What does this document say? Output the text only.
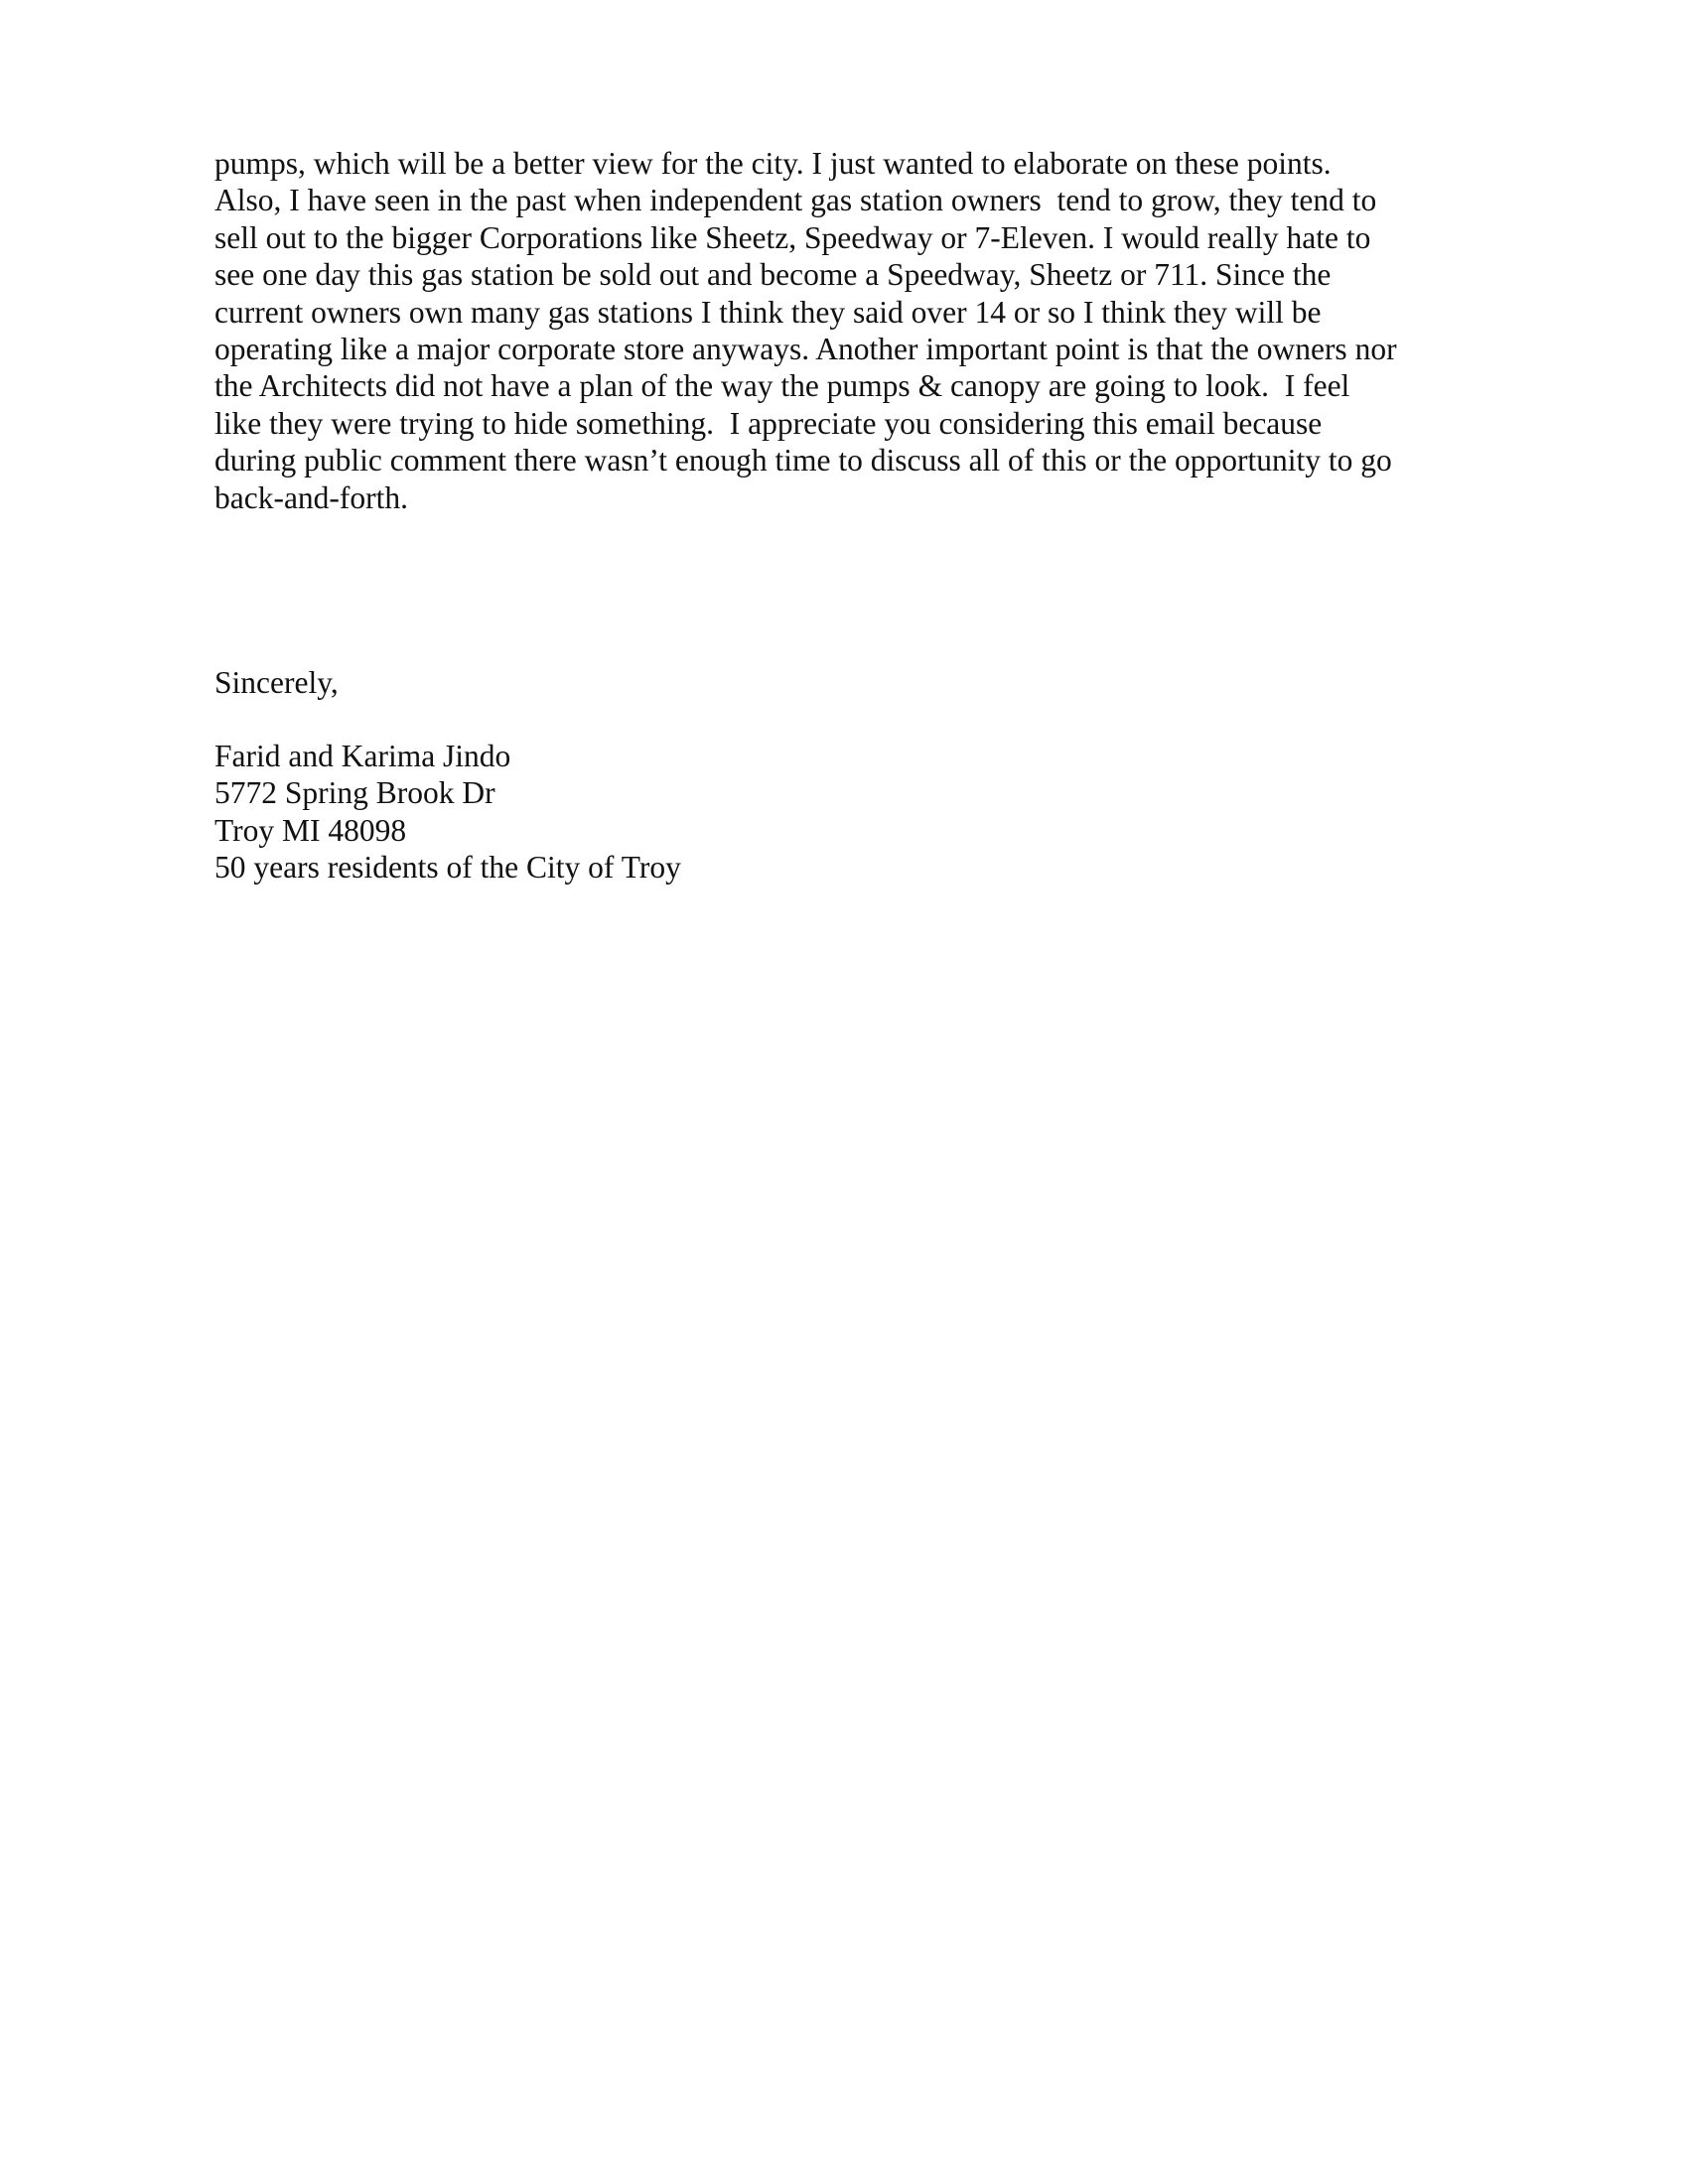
pumps, which will be a better view for the city. I just wanted to elaborate on these points.
Also, I have seen in the past when independent gas station owners  tend to grow, they tend to
sell out to the bigger Corporations like Sheetz, Speedway or 7-Eleven. I would really hate to
see one day this gas station be sold out and become a Speedway, Sheetz or 711. Since the
current owners own many gas stations I think they said over 14 or so I think they will be
operating like a major corporate store anyways. Another important point is that the owners nor
the Architects did not have a plan of the way the pumps & canopy are going to look.  I feel
like they were trying to hide something.  I appreciate you considering this email because
during public comment there wasn’t enough time to discuss all of this or the opportunity to go
back-and-forth.
Sincerely,
Farid and Karima Jindo
5772 Spring Brook Dr
Troy MI 48098
50 years residents of the City of Troy
